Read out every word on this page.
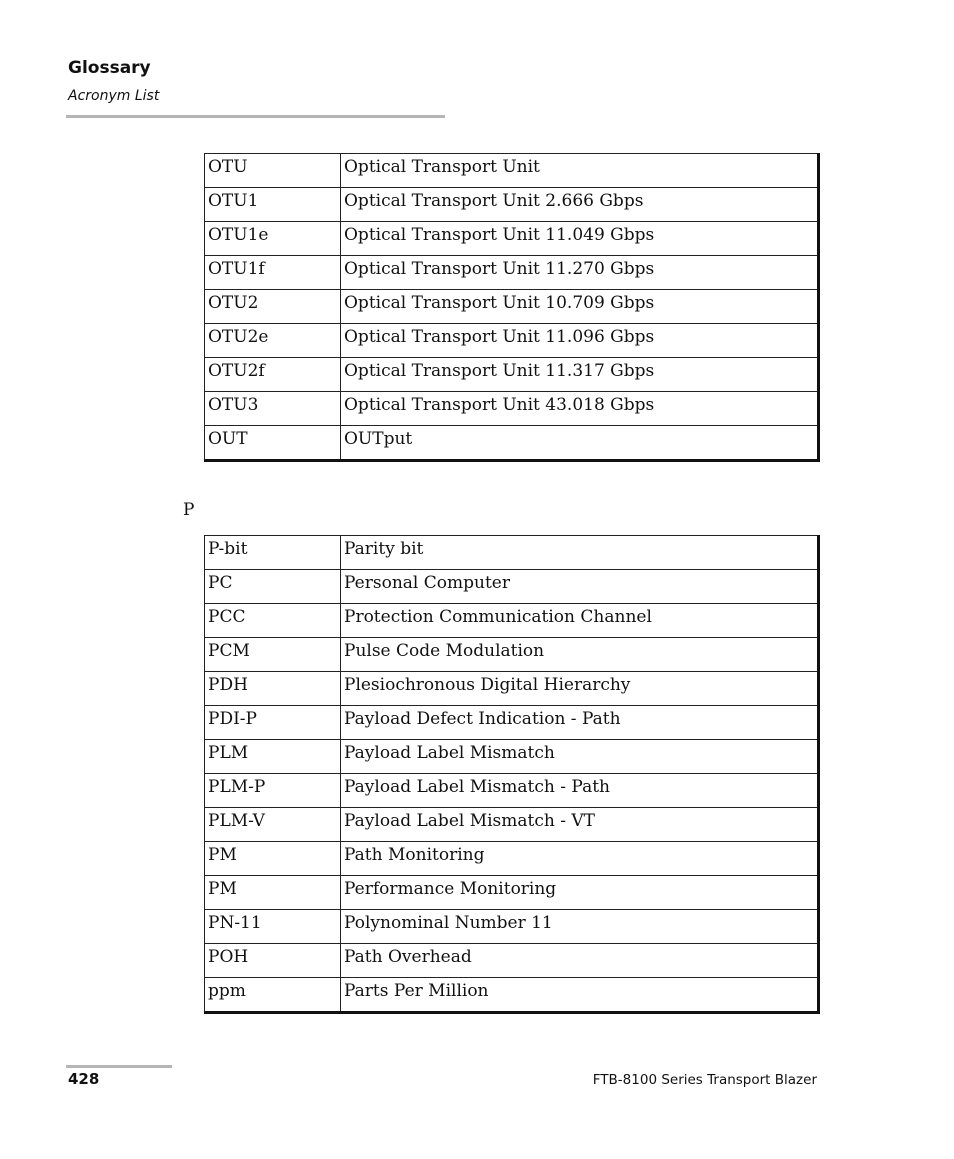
Glossary
Acronym List
OTU	Optical Transport Unit
OTU1	Optical Transport Unit 2.666 Gbps
OTU1e	Optical Transport Unit 11.049 Gbps
OTU1f	Optical Transport Unit 11.270 Gbps
OTU2	Optical Transport Unit 10.709 Gbps
OTU2e	Optical Transport Unit 11.096 Gbps
OTU2f	Optical Transport Unit 11.317 Gbps
OTU3	Optical Transport Unit 43.018 Gbps
OUT	OUTput
P
P-bit	Parity bit
PC	Personal Computer
PCC	Protection Communication Channel
PCM	Pulse Code Modulation
PDH	Plesiochronous Digital Hierarchy
PDI-P	Payload Defect Indication - Path
PLM	Payload Label Mismatch
PLM-P	Payload Label Mismatch - Path
PLM-V	Payload Label Mismatch - VT
PM	Path Monitoring
PM	Performance Monitoring
PN-11	Polynominal Number 11
POH	Path Overhead
ppm	Parts Per Million
428	FTB-8100 Series Transport Blazer
